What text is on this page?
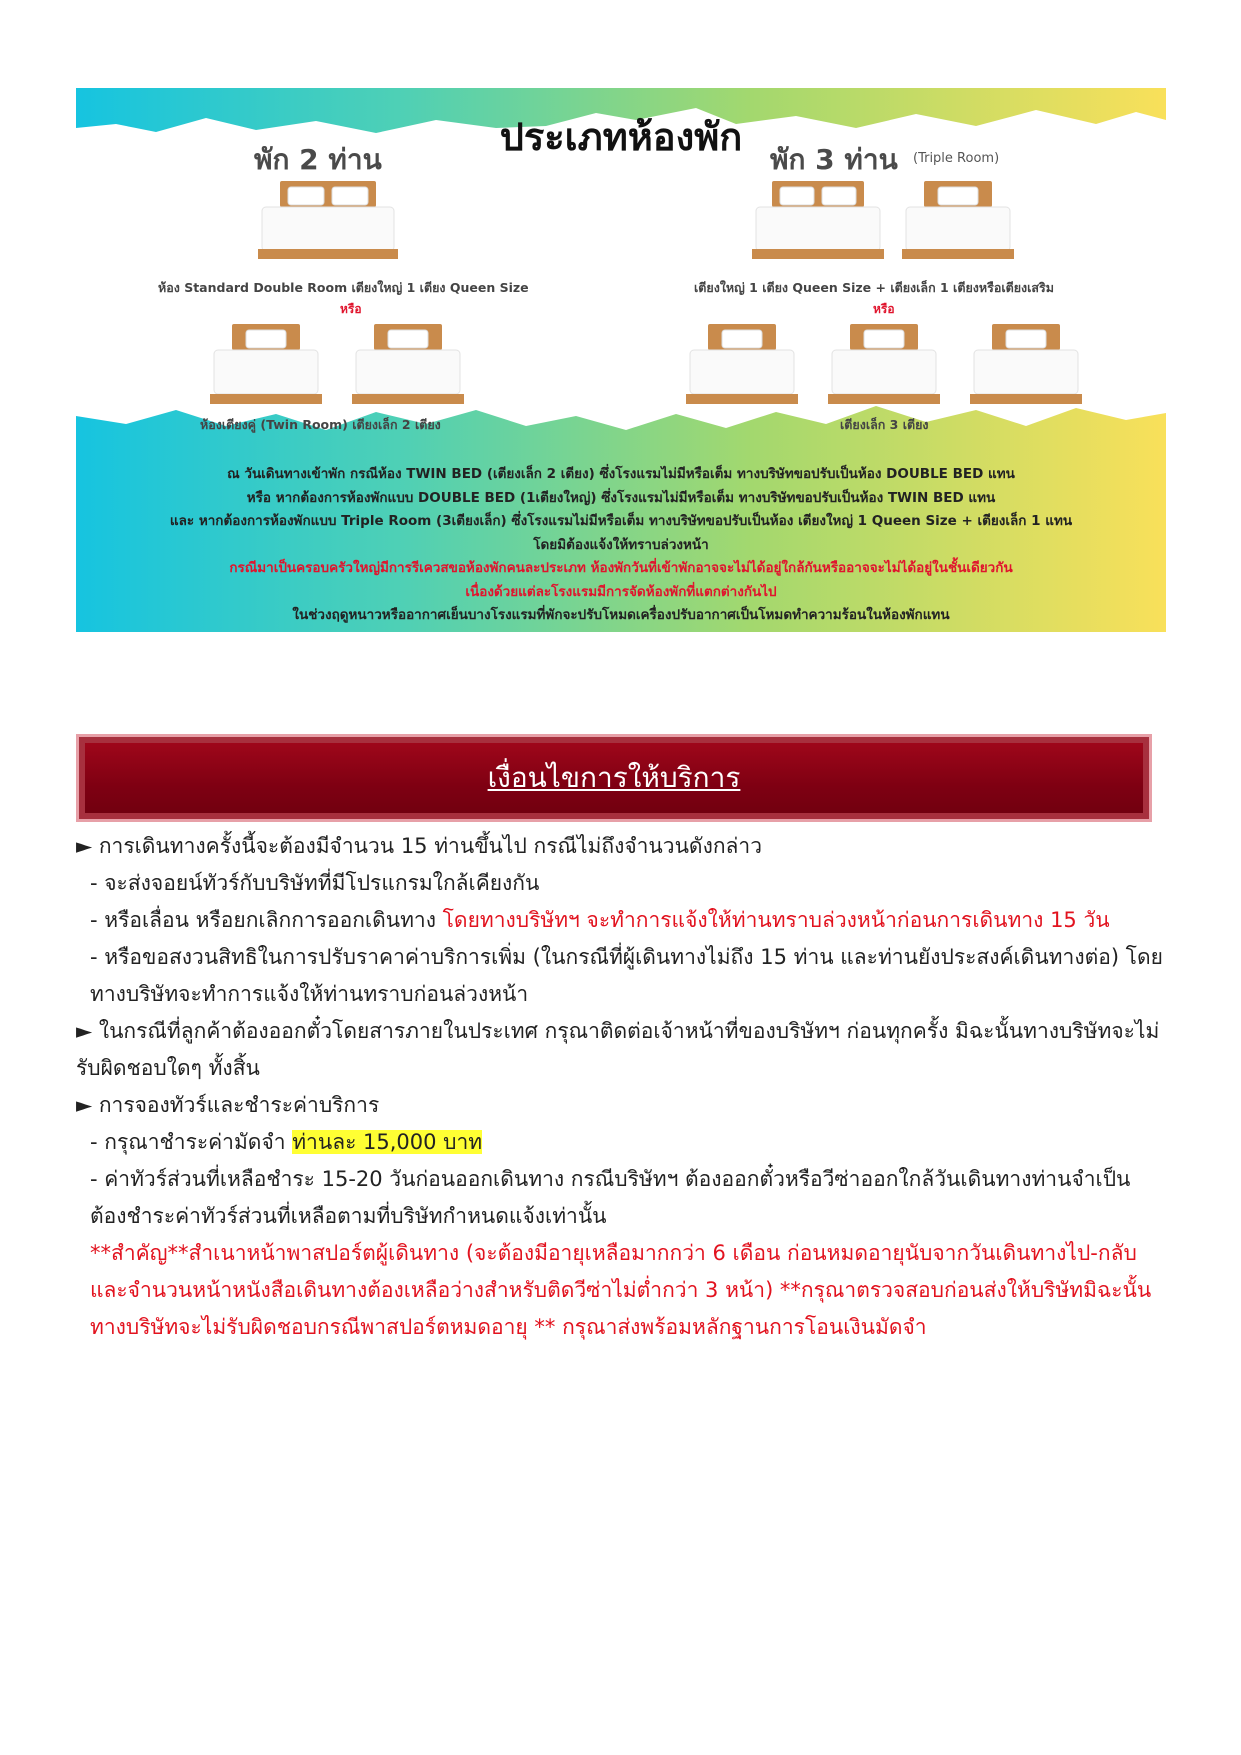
ประเภทห้องพัก
พัก 2 ท่าน	พัก 3 ท่าน (Triple Room)
ห้อง Standard Double Room เตียงใหญ่ 1 เตียง Queen Size
หรือ
ห้องเตียงคู่ (Twin Room) เตียงเล็ก 2 เตียง
เตียงใหญ่ 1 เตียง Queen Size + เตียงเล็ก 1 เตียงหรือเตียงเสริม
หรือ
เตียงเล็ก 3 เตียง
ณ วันเดินทางเข้าพัก กรณีห้อง TWIN BED (เตียงเล็ก 2 เตียง) ซึ่งโรงแรมไม่มีหรือเต็ม ทางบริษัทขอปรับเป็นห้อง DOUBLE BED แทน
หรือ หากต้องการห้องพักแบบ DOUBLE BED (1เตียงใหญ่) ซึ่งโรงแรมไม่มีหรือเต็ม ทางบริษัทขอปรับเป็นห้อง TWIN BED แทน
และ หากต้องการห้องพักแบบ Triple Room (3เตียงเล็ก) ซึ่งโรงแรมไม่มีหรือเต็ม ทางบริษัทขอปรับเป็นห้อง เตียงใหญ่ 1 Queen Size + เตียงเล็ก 1 แทน
โดยมิต้องแจ้งให้ทราบล่วงหน้า
กรณีมาเป็นครอบครัวใหญ่มีการรีเควสขอห้องพักคนละประเภท ห้องพักวันที่เข้าพักอาจจะไม่ได้อยู่ใกล้กันหรืออาจจะไม่ได้อยู่ในชั้นเดียวกัน
เนื่องด้วยแต่ละโรงแรมมีการจัดห้องพักที่แตกต่างกันไป
ในช่วงฤดูหนาวหรืออากาศเย็นบางโรงแรมที่พักจะปรับโหมดเครื่องปรับอากาศเป็นโหมดทำความร้อนในห้องพักแทน
เงื่อนไขการให้บริการ

► การเดินทางครั้งนี้จะต้องมีจำนวน 15 ท่านขึ้นไป กรณีไม่ถึงจำนวนดังกล่าว

- จะส่งจอยน์ทัวร์กับบริษัทที่มีโปรแกรมใกล้เคียงกัน

- หรือเลื่อน หรือยกเลิกการออกเดินทาง โดยทางบริษัทฯ จะทำการแจ้งให้ท่านทราบล่วงหน้าก่อนการเดินทาง 15 วัน

- หรือขอสงวนสิทธิในการปรับราคาค่าบริการเพิ่ม (ในกรณีที่ผู้เดินทางไม่ถึง 15 ท่าน และท่านยังประสงค์เดินทางต่อ) โดยทางบริษัทจะทำการแจ้งให้ท่านทราบก่อนล่วงหน้า

► ในกรณีที่ลูกค้าต้องออกตั๋วโดยสารภายในประเทศ กรุณาติดต่อเจ้าหน้าที่ของบริษัทฯ ก่อนทุกครั้ง มิฉะนั้นทางบริษัทจะไม่รับผิดชอบใดๆ ทั้งสิ้น

► การจองทัวร์และชำระค่าบริการ

- กรุณาชำระค่ามัดจำ ท่านละ 15,000 บาท

- ค่าทัวร์ส่วนที่เหลือชำระ 15-20 วันก่อนออกเดินทาง กรณีบริษัทฯ ต้องออกตั๋วหรือวีซ่าออกใกล้วันเดินทางท่านจำเป็นต้องชำระค่าทัวร์ส่วนที่เหลือตามที่บริษัทกำหนดแจ้งเท่านั้น

**สำคัญ**สำเนาหน้าพาสปอร์ตผู้เดินทาง (จะต้องมีอายุเหลือมากกว่า 6 เดือน ก่อนหมดอายุนับจากวันเดินทางไป-กลับและจำนวนหน้าหนังสือเดินทางต้องเหลือว่างสำหรับติดวีซ่าไม่ต่ำกว่า 3 หน้า) **กรุณาตรวจสอบก่อนส่งให้บริษัทมิฉะนั้นทางบริษัทจะไม่รับผิดชอบกรณีพาสปอร์ตหมดอายุ ** กรุณาส่งพร้อมหลักฐานการโอนเงินมัดจำ
